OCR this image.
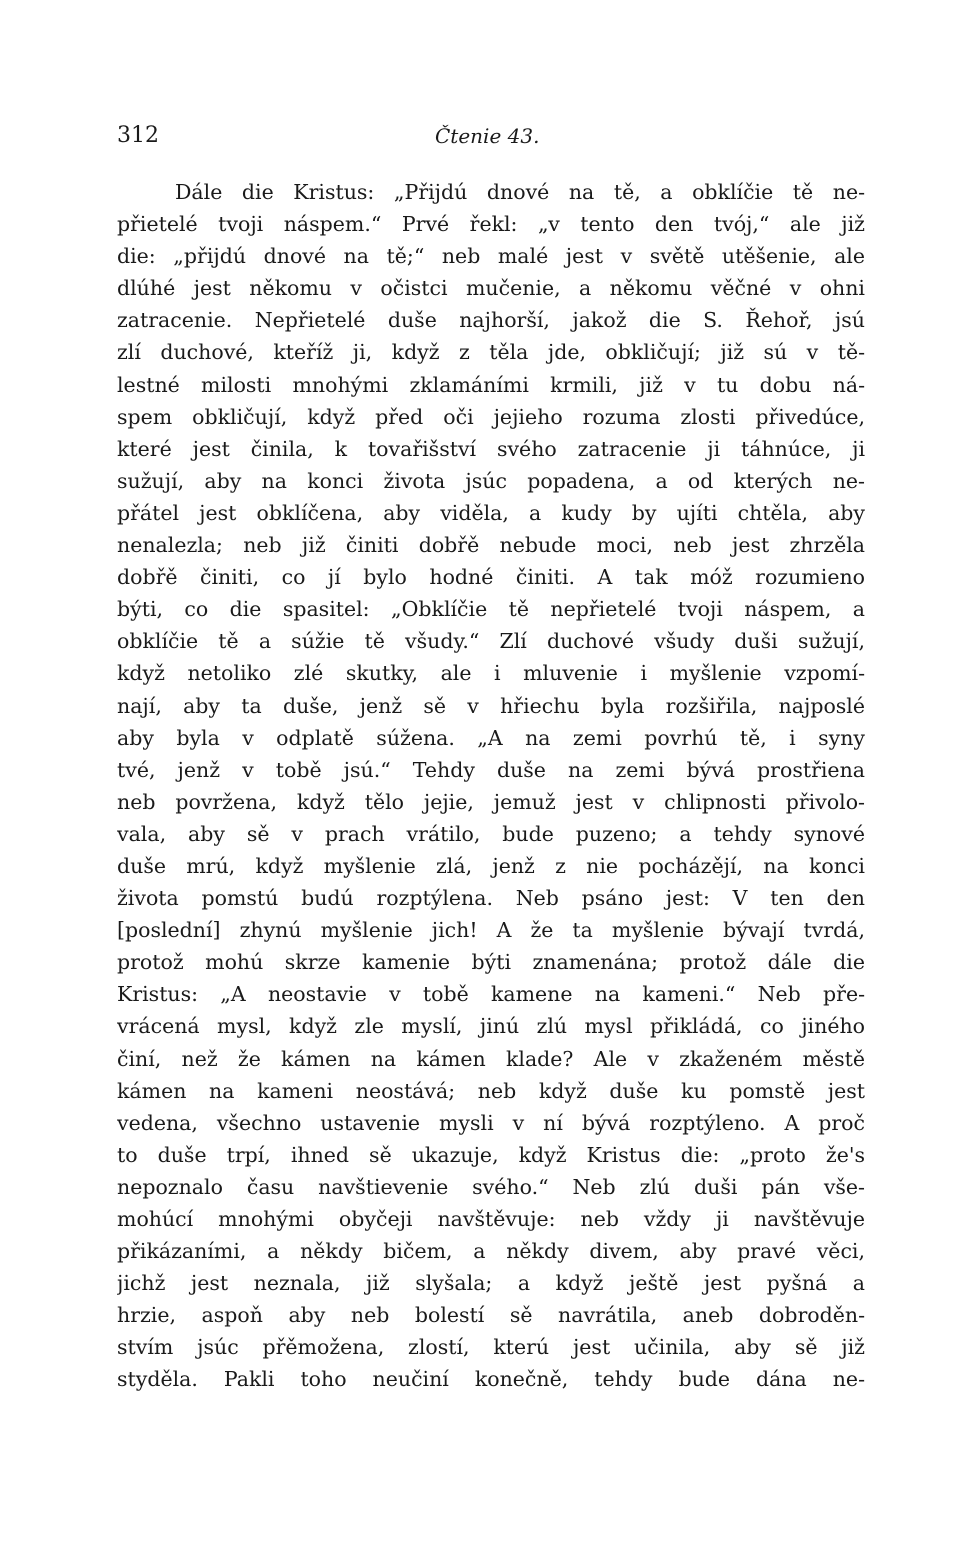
312	Čtenie 43.
Dále die Kristus: „Přijdú dnové na tě, a obklíčie tě ne-
přietelé tvoji náspem.“ Prvé řekl: „v tento den tvój,“ ale již
die: „přijdú dnové na tě;“ neb malé jest v světě utěšenie, ale
dlúhé jest někomu v očistci mučenie, a někomu věčné v ohni
zatracenie. Nepřietelé duše najhorší, jakož die S. Řehoř, jsú
zlí duchové, kteříž ji, když z těla jde, obkličují; již sú v tě-
lestné milosti mnohými zklamáními krmili, již v tu dobu ná-
spem obkličují, když před oči jejieho rozuma zlosti přivedúce,
které jest činila, k tovařišství svého zatracenie ji táhnúce, ji
sužují, aby na konci života jsúc popadena, a od kterých ne-
přátel jest obklíčena, aby viděla, a kudy by ujíti chtěla, aby
nenalezla; neb již činiti dobřě nebude moci, neb jest zhrzěla
dobřě činiti, co jí bylo hodné činiti. A tak móž rozumieno
býti, co die spasitel: „Obklíčie tě nepřietelé tvoji náspem, a
obklíčie tě a súžie tě všudy.“ Zlí duchové všudy duši sužují,
když netoliko zlé skutky, ale i mluvenie i myšlenie vzpomí-
nají, aby ta duše, jenž sě v hřiechu byla rozšiřila, najposlé
aby byla v odplatě súžena. „A na zemi povrhú tě, i syny
tvé, jenž v tobě jsú.“ Tehdy duše na zemi bývá prostřiena
neb povržena, když tělo jejie, jemuž jest v chlipnosti přivolo-
vala, aby sě v prach vrátilo, bude puzeno; a tehdy synové
duše mrú, když myšlenie zlá, jenž z nie pocházějí, na konci
života pomstú budú rozptýlena. Neb psáno jest: V ten den
[poslední] zhynú myšlenie jich! A že ta myšlenie bývají tvrdá,
protož mohú skrze kamenie býti znamenána; protož dále die
Kristus: „A neostavie v tobě kamene na kameni.“ Neb pře-
vrácená mysl, když zle myslí, jinú zlú mysl přikládá, co jiného
činí, než že kámen na kámen klade? Ale v zkaženém městě
kámen na kameni neostává; neb když duše ku pomstě jest
vedena, všechno ustavenie mysli v ní bývá rozptýleno. A proč
to duše trpí, ihned sě ukazuje, když Kristus die: „proto že's
nepoznalo času navštievenie svého.“ Neb zlú duši pán vše-
mohúcí mnohými obyčeji navštěvuje: neb vždy ji navštěvuje
přikázaními, a někdy bičem, a někdy divem, aby pravé věci,
jichž jest neznala, již slyšala; a když ještě jest pyšná a
hrzie, aspoň aby neb bolestí sě navrátila, aneb dobroděn-
stvím jsúc přěmožena, zlostí, kterú jest učinila, aby sě již
styděla. Pakli toho neučiní konečně, tehdy bude dána ne-
